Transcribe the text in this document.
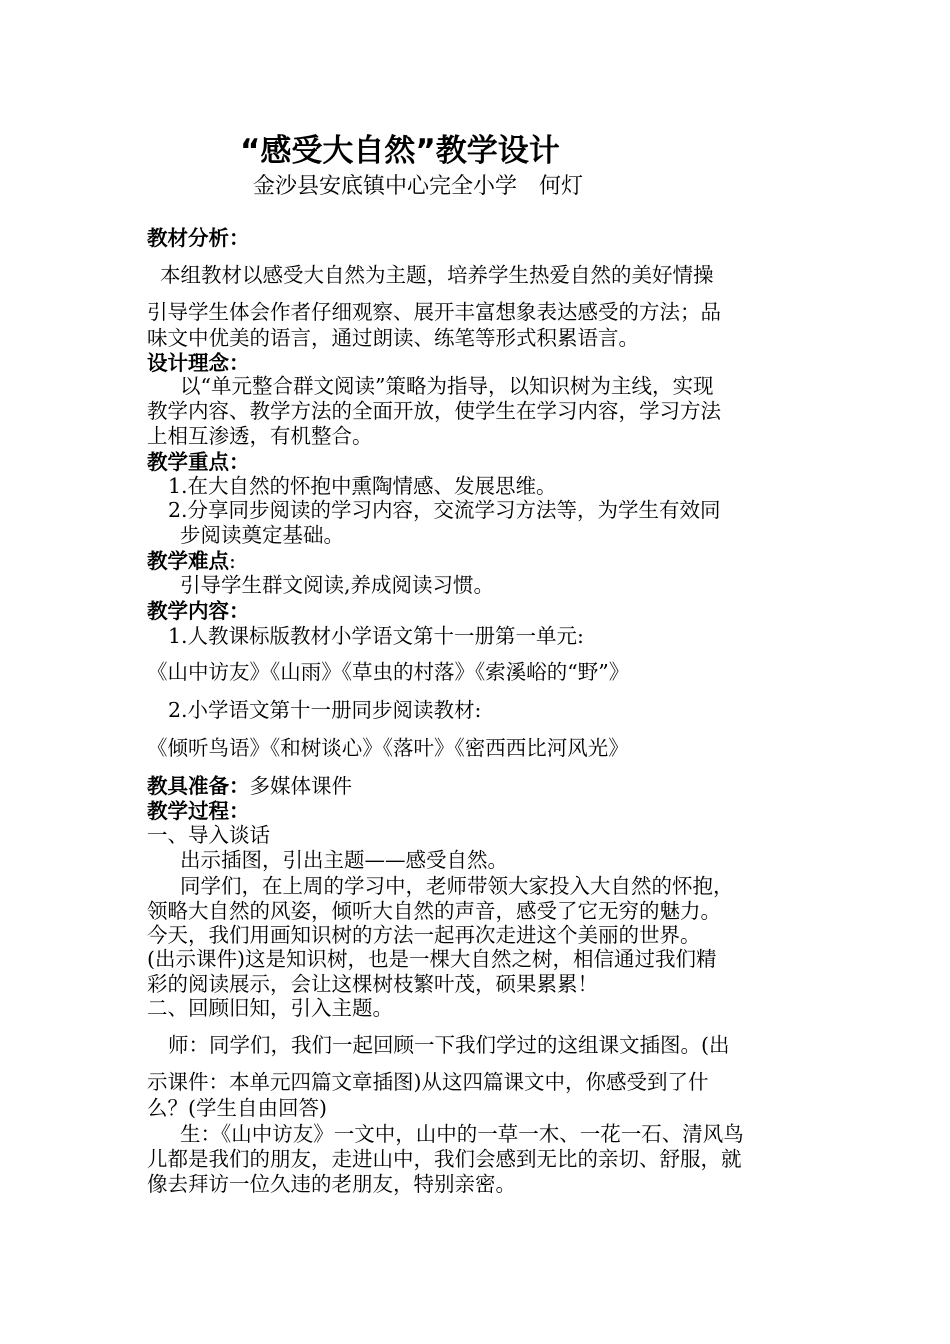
“感受大自然”教学设计
金沙县安底镇中心完全小学　何灯
教材分析：
本组教材以感受大自然为主题，培养学生热爱自然的美好情操
引导学生体会作者仔细观察、展开丰富想象表达感受的方法；品
味文中优美的语言，通过朗读、练笔等形式积累语言。
设计理念：
以“单元整合群文阅读”策略为指导，以知识树为主线，实现
教学内容、教学方法的全面开放，使学生在学习内容，学习方法
上相互渗透，有机整合。
教学重点：
1.在大自然的怀抱中熏陶情感、发展思维。
2.分享同步阅读的学习内容，交流学习方法等，为学生有效同
步阅读奠定基础。
教学难点:
引导学生群文阅读,养成阅读习惯。
教学内容：
1.人教课标版教材小学语文第十一册第一单元:
《山中访友》《山雨》《草虫的村落》《索溪峪的“野”》
2.小学语文第十一册同步阅读教材:
《倾听鸟语》《和树谈心》《落叶》《密西西比河风光》
教具准备：多媒体课件
教学过程：
一、导入谈话
出示插图，引出主题——感受自然。
同学们，在上周的学习中，老师带领大家投入大自然的怀抱，
领略大自然的风姿，倾听大自然的声音，感受了它无穷的魅力。
今天，我们用画知识树的方法一起再次走进这个美丽的世界。
(出示课件)这是知识树，也是一棵大自然之树，相信通过我们精
彩的阅读展示，会让这棵树枝繁叶茂，硕果累累！
二、回顾旧知，引入主题。
师：同学们，我们一起回顾一下我们学过的这组课文插图。(出
示课件：本单元四篇文章插图)从这四篇课文中，你感受到了什
么？(学生自由回答)
生：《山中访友》一文中，山中的一草一木、一花一石、清风鸟
儿都是我们的朋友，走进山中，我们会感到无比的亲切、舒服，就
像去拜访一位久违的老朋友，特别亲密。
